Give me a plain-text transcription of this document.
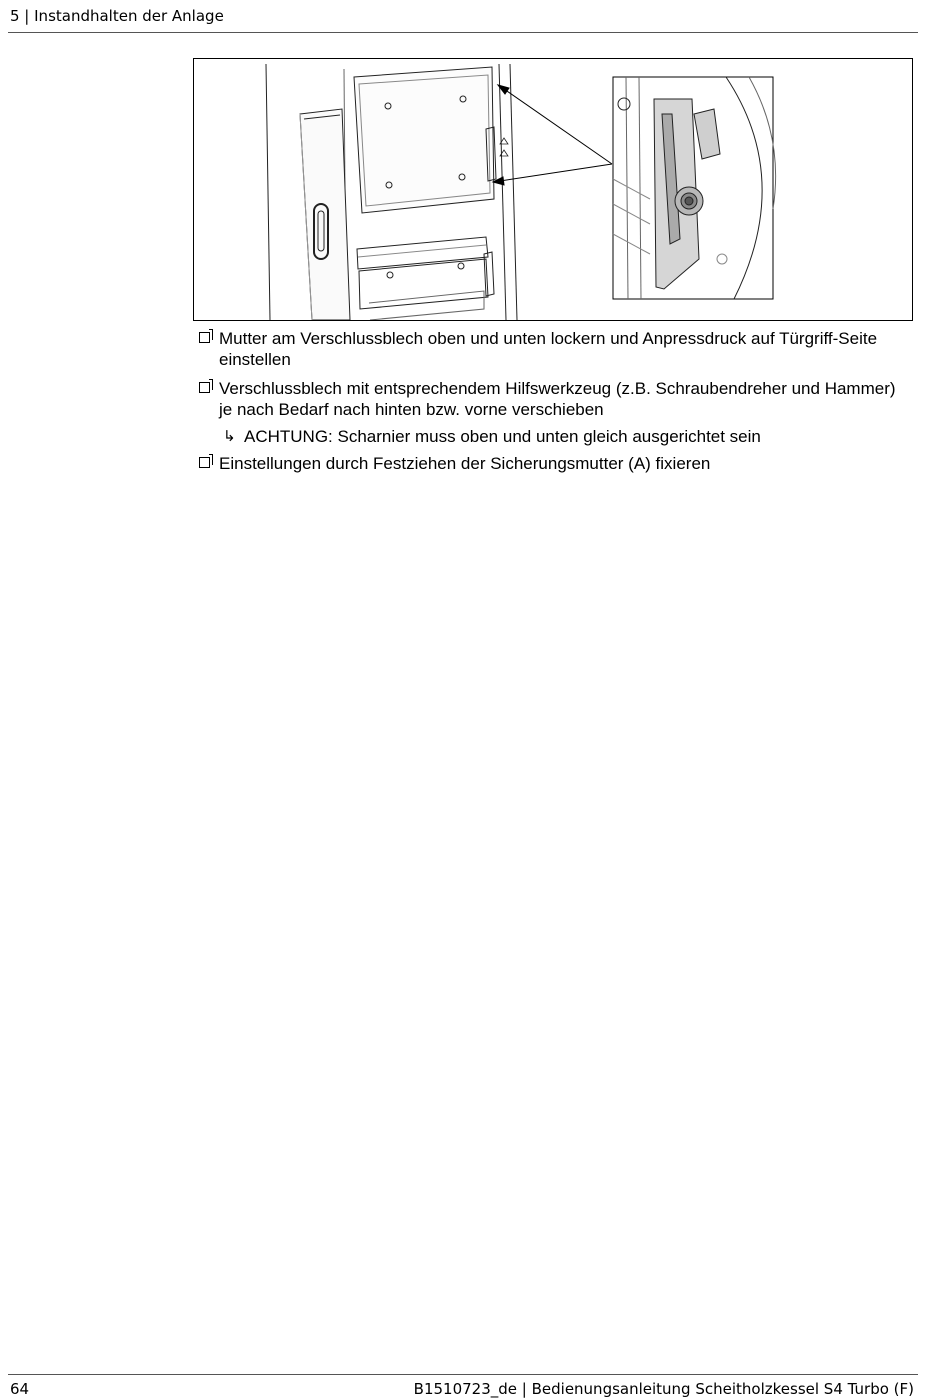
5 | Instandhalten der Anlage
Mutter am Verschlussblech oben und unten lockern und Anpressdruck auf Türgriff-Seite einstellen
Verschlussblech mit entsprechendem Hilfswerkzeug (z.B. Schraubendreher und Hammer) je nach Bedarf nach hinten bzw. vorne verschieben
↳ ACHTUNG: Scharnier muss oben und unten gleich ausgerichtet sein
Einstellungen durch Festziehen der Sicherungsmutter (A) fixieren
64	B1510723_de | Bedienungsanleitung Scheitholzkessel S4 Turbo (F)
